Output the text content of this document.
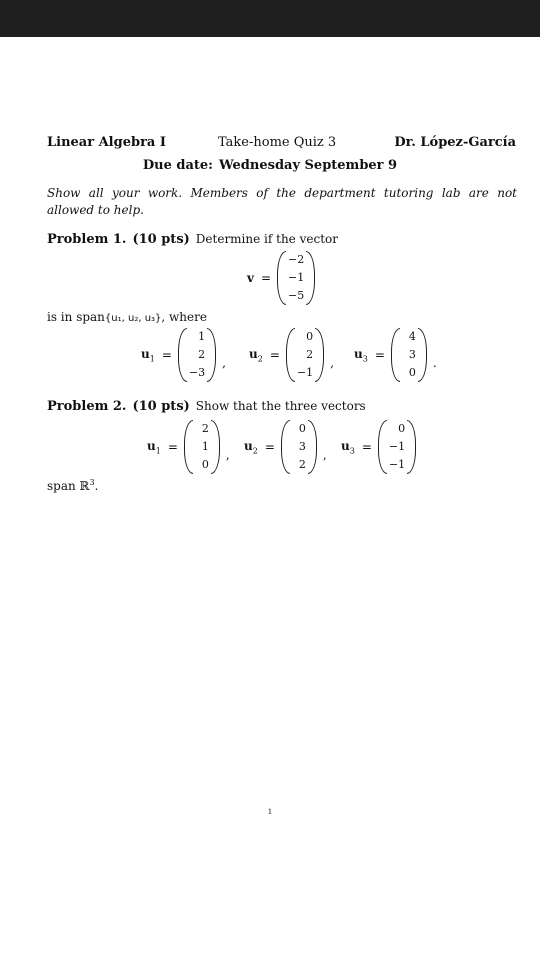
Linear Algebra I	Take-home Quiz 3	Dr. López-García
Due date: Wednesday September 9
Show all your work. Members of the department tutoring lab are not allowed to help.
Problem 1. (10 pts) Determine if the vector
v =
−2
−1
−5
is in span{u₁, u₂, u₃}, where
$u_1$ =
1
2
−3
,
$u_2$ =
0
2
−1
,
$u_3$ =
4
3
0
.
Problem 2. (10 pts) Show that the three vectors
$u_1$ =
2
1
0
,
$u_2$ =
0
3
2
,
$u_3$ =
0
−1
−1
span ℝ$^3$.
1
